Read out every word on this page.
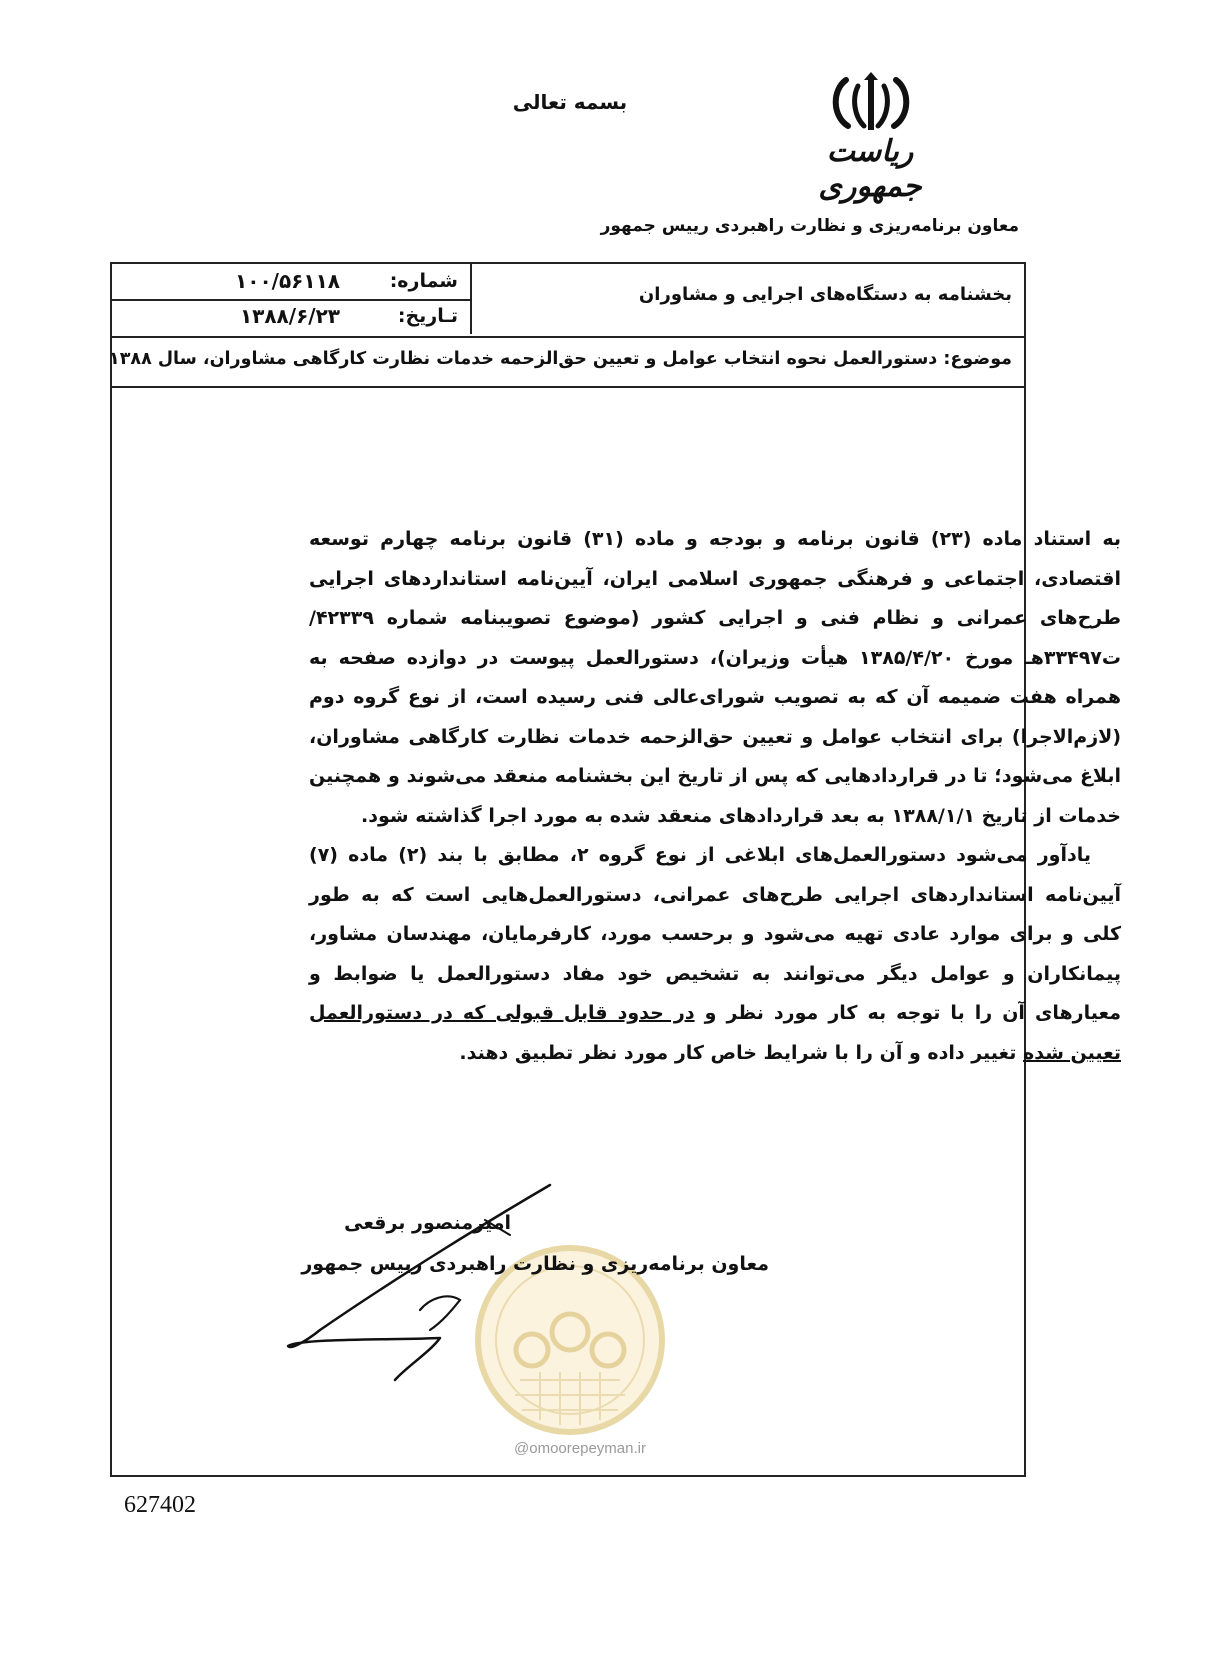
بسمه تعالی
ریاست جمهوری
معاون برنامه‌ریزی و نظارت راهبردی رییس جمهور
شماره:
۱۰۰/۵۶۱۱۸
تـاریخ:
۱۳۸۸/۶/۲۳
بخشنامه به دستگاه‌های اجرایی و مشاوران
موضوع: دستورالعمل نحوه انتخاب عوامل و تعیین حق‌الزحمه خدمات نظارت کارگاهی مشاوران، سال ۱۳۸۸

به استناد ماده (۲۳) قانون برنامه و بودجه و ماده (۳۱) قانون برنامه چهارم توسعه اقتصادی، اجتماعی و فرهنگی جمهوری اسلامی ایران، آیین‌نامه استانداردهای اجرایی طرح‌های عمرانی و نظام فنی و اجرایی کشور (موضوع تصویبنامه شماره ۴۲۳۳۹/ت۳۳۴۹۷هـ مورخ ۱۳۸۵/۴/۲۰ هیأت وزیران)، دستورالعمل پیوست در دوازده صفحه به همراه هفت ضمیمه آن که به تصویب شورای‌عالی فنی رسیده است، از نوع گروه دوم (لازم‌الاجرا) برای انتخاب عوامل و تعیین حق‌الزحمه خدمات نظارت کارگاهی مشاوران، ابلاغ می‌شود؛ تا در قراردادهایی که پس از تاریخ این بخشنامه منعقد می‌شوند و همچنین خدمات از تاریخ ۱۳۸۸/۱/۱ به بعد قراردادهای منعقد شده به مورد اجرا گذاشته شود.

یادآور می‌شود دستورالعمل‌های ابلاغی از نوع گروه ۲، مطابق با بند (۲) ماده (۷) آیین‌نامه استانداردهای اجرایی طرح‌های عمرانی، دستورالعمل‌هایی است که به طور کلی و برای موارد عادی تهیه می‌شود و برحسب مورد، کارفرمایان، مهندسان مشاور، پیمانکاران و عوامل دیگر می‌توانند به تشخیص خود مفاد دستورالعمل یا ضوابط و معیارهای آن را با توجه به کار مورد نظر و در حدود قابل قبولی که در دستورالعمل تعیین شده تغییر داده و آن را با شرایط خاص کار مورد نظر تطبیق دهند.

@omoorepeyman.ir
امیرمنصور برقعی
معاون برنامه‌ریزی و نظارت راهبردی رییس جمهور
627402
